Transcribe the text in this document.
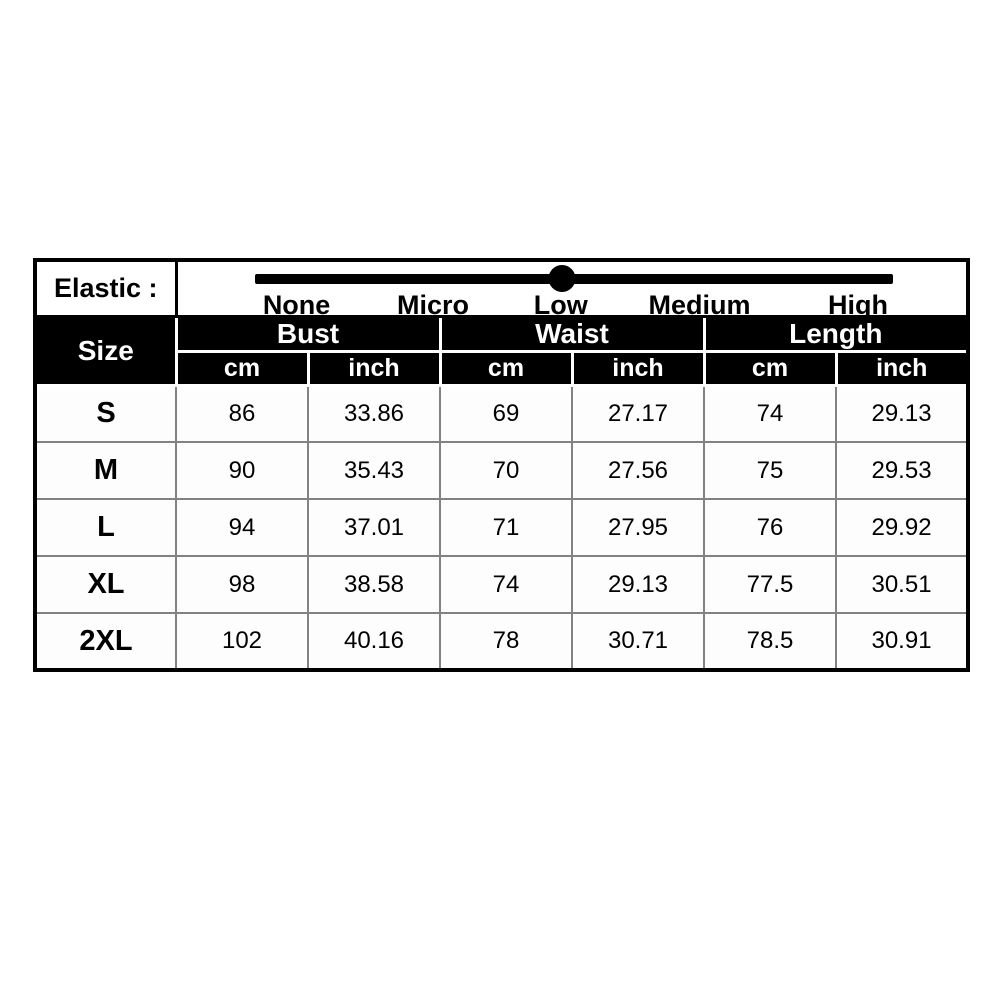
Elastic :	None Micro Low Medium High					

Size	Bust		Waist		Length	
	cm	inch	cm	inch	cm	inch
S	86	33.86	69	27.17	74	29.13
M	90	35.43	70	27.56	75	29.53
L	94	37.01	71	27.95	76	29.92
XL	98	38.58	74	29.13	77.5	30.51
2XL	102	40.16	78	30.71	78.5	30.91
